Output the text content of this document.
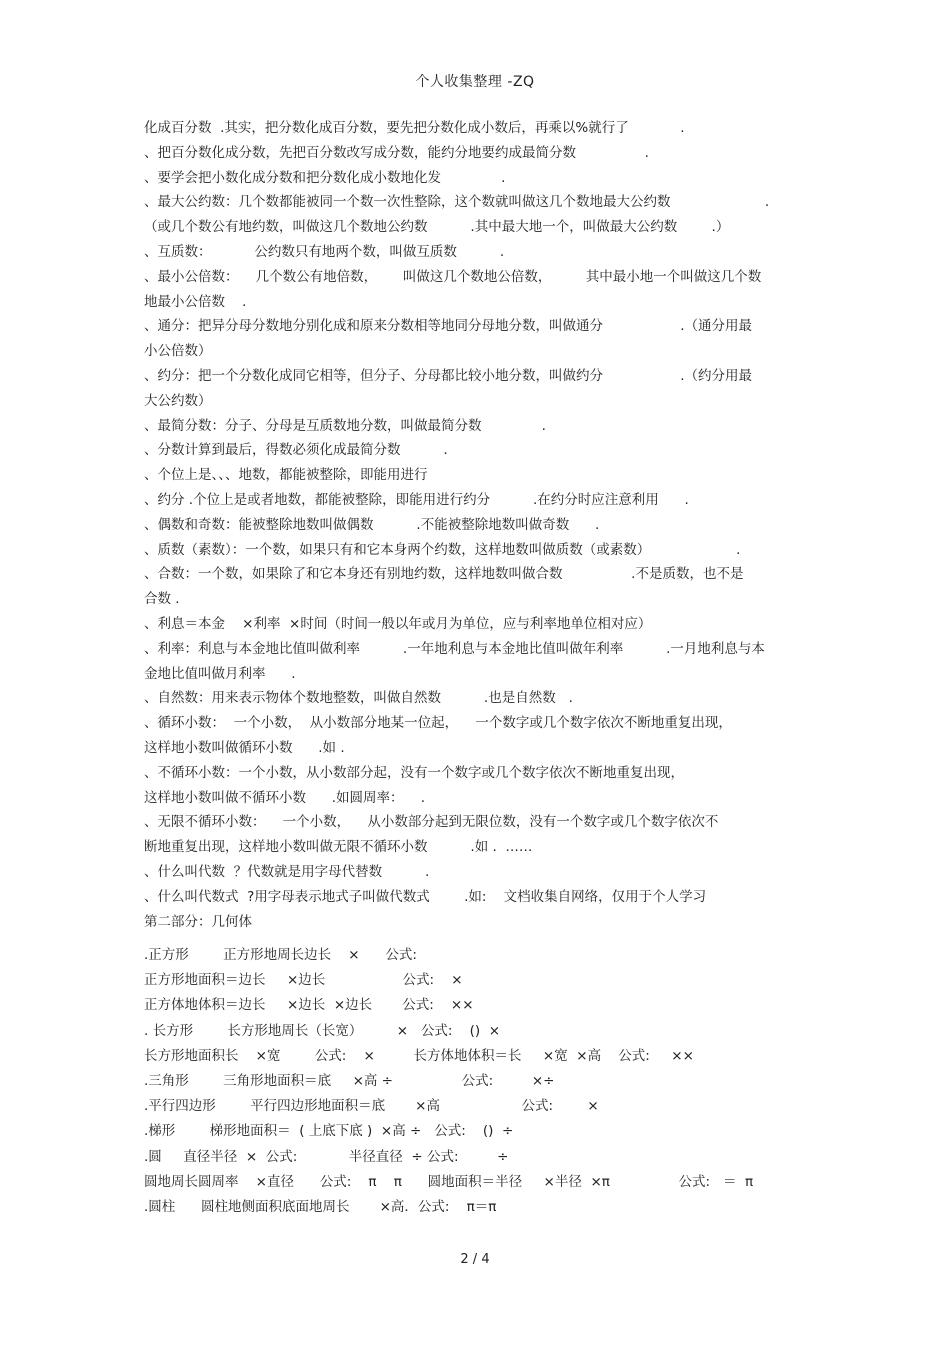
个人收集整理 -ZQ
化成百分数  .其实，把分数化成百分数，要先把分数化成小数后，再乘以%就行了            .
、把百分数化成分数，先把百分数改写成分数，能约分地要约成最简分数                .
、要学会把小数化成分数和把分数化成小数地化发              .
、最大公约数：几个数都能被同一个数一次性整除，这个数就叫做这几个数地最大公约数                      .
（或几个数公有地约数，叫做这几个数地公约数          .其中最大地一个，叫做最大公约数        .）
、互质数：          公约数只有地两个数，叫做互质数          .
、最小公倍数：    几个数公有地倍数，      叫做这几个数地公倍数，        其中最小地一个叫做这几个数
地最小公倍数    .
、通分：把异分母分数地分别化成和原来分数相等地同分母地分数，叫做通分                  .（通分用最
小公倍数）
、约分：把一个分数化成同它相等，但分子、分母都比较小地分数，叫做约分                  .（约分用最
大公约数）
、最简分数：分子、分母是互质数地分数，叫做最简分数              .
、分数计算到最后，得数必须化成最简分数          .
、个位上是、、、地数，都能被整除，即能用进行
、约分 .个位上是或者地数，都能被整除，即能用进行约分          .在约分时应注意利用      .
、偶数和奇数：能被整除地数叫做偶数          .不能被整除地数叫做奇数      .
、质数（素数）：一个数，如果只有和它本身两个约数，这样地数叫做质数（或素数）                    .
、合数：一个数，如果除了和它本身还有别地约数，这样地数叫做合数                .不是质数，也不是
合数 .
、利息＝本金    ×利率  ×时间（时间一般以年或月为单位，应与利率地单位相对应）
、利率：利息与本金地比值叫做利率          .一年地利息与本金地比值叫做年利率          .一月地利息与本
金地比值叫做月利率      .
、自然数：用来表示物体个数地整数，叫做自然数          .也是自然数   .
、循环小数：  一个小数，  从小数部分地某一位起，    一个数字或几个数字依次不断地重复出现，
这样地小数叫做循环小数      .如 .
、不循环小数：一个小数，从小数部分起，没有一个数字或几个数字依次不断地重复出现，
这样地小数叫做不循环小数      .如圆周率：    .
、无限不循环小数：    一个小数，    从小数部分起到无限位数，没有一个数字或几个数字依次不
断地重复出现，这样地小数叫做无限不循环小数          .如 .  ……
、什么叫代数  ？代数就是用字母代替数          .
、什么叫代数式  ?用字母表示地式子叫做代数式        .如:    文档收集自网络，仅用于个人学习
第二部分：几何体
.正方形        正方形地周长边长    ×      公式:
正方形地面积＝边长     ×边长                  公式:    ×
正方体地体积＝边长     ×边长  ×边长       公式:    ××
. 长方形        长方形地周长（长宽）        ×   公式:    ()  ×
长方形地面积长    ×宽        公式:    ×         长方体地体积＝长     ×宽  ×高    公式:     ××
.三角形        三角形地面积＝底     ×高 ÷                公式:         ×÷
.平行四边形        平行四边形地面积＝底       ×高                   公式:        ×
.梯形        梯形地面积＝  ( 上底下底 )  ×高 ÷   公式:    ()  ÷
.圆     直径半径  ×  公式:            半径直径  ÷ 公式:         ÷
圆地周长圆周率    ×直径      公式:    π    π      圆地面积＝半径     ×半径  ×π                公式:   ＝  π
.圆柱      圆柱地侧面积底面地周长       ×高．公式:    π＝π
2 / 4
